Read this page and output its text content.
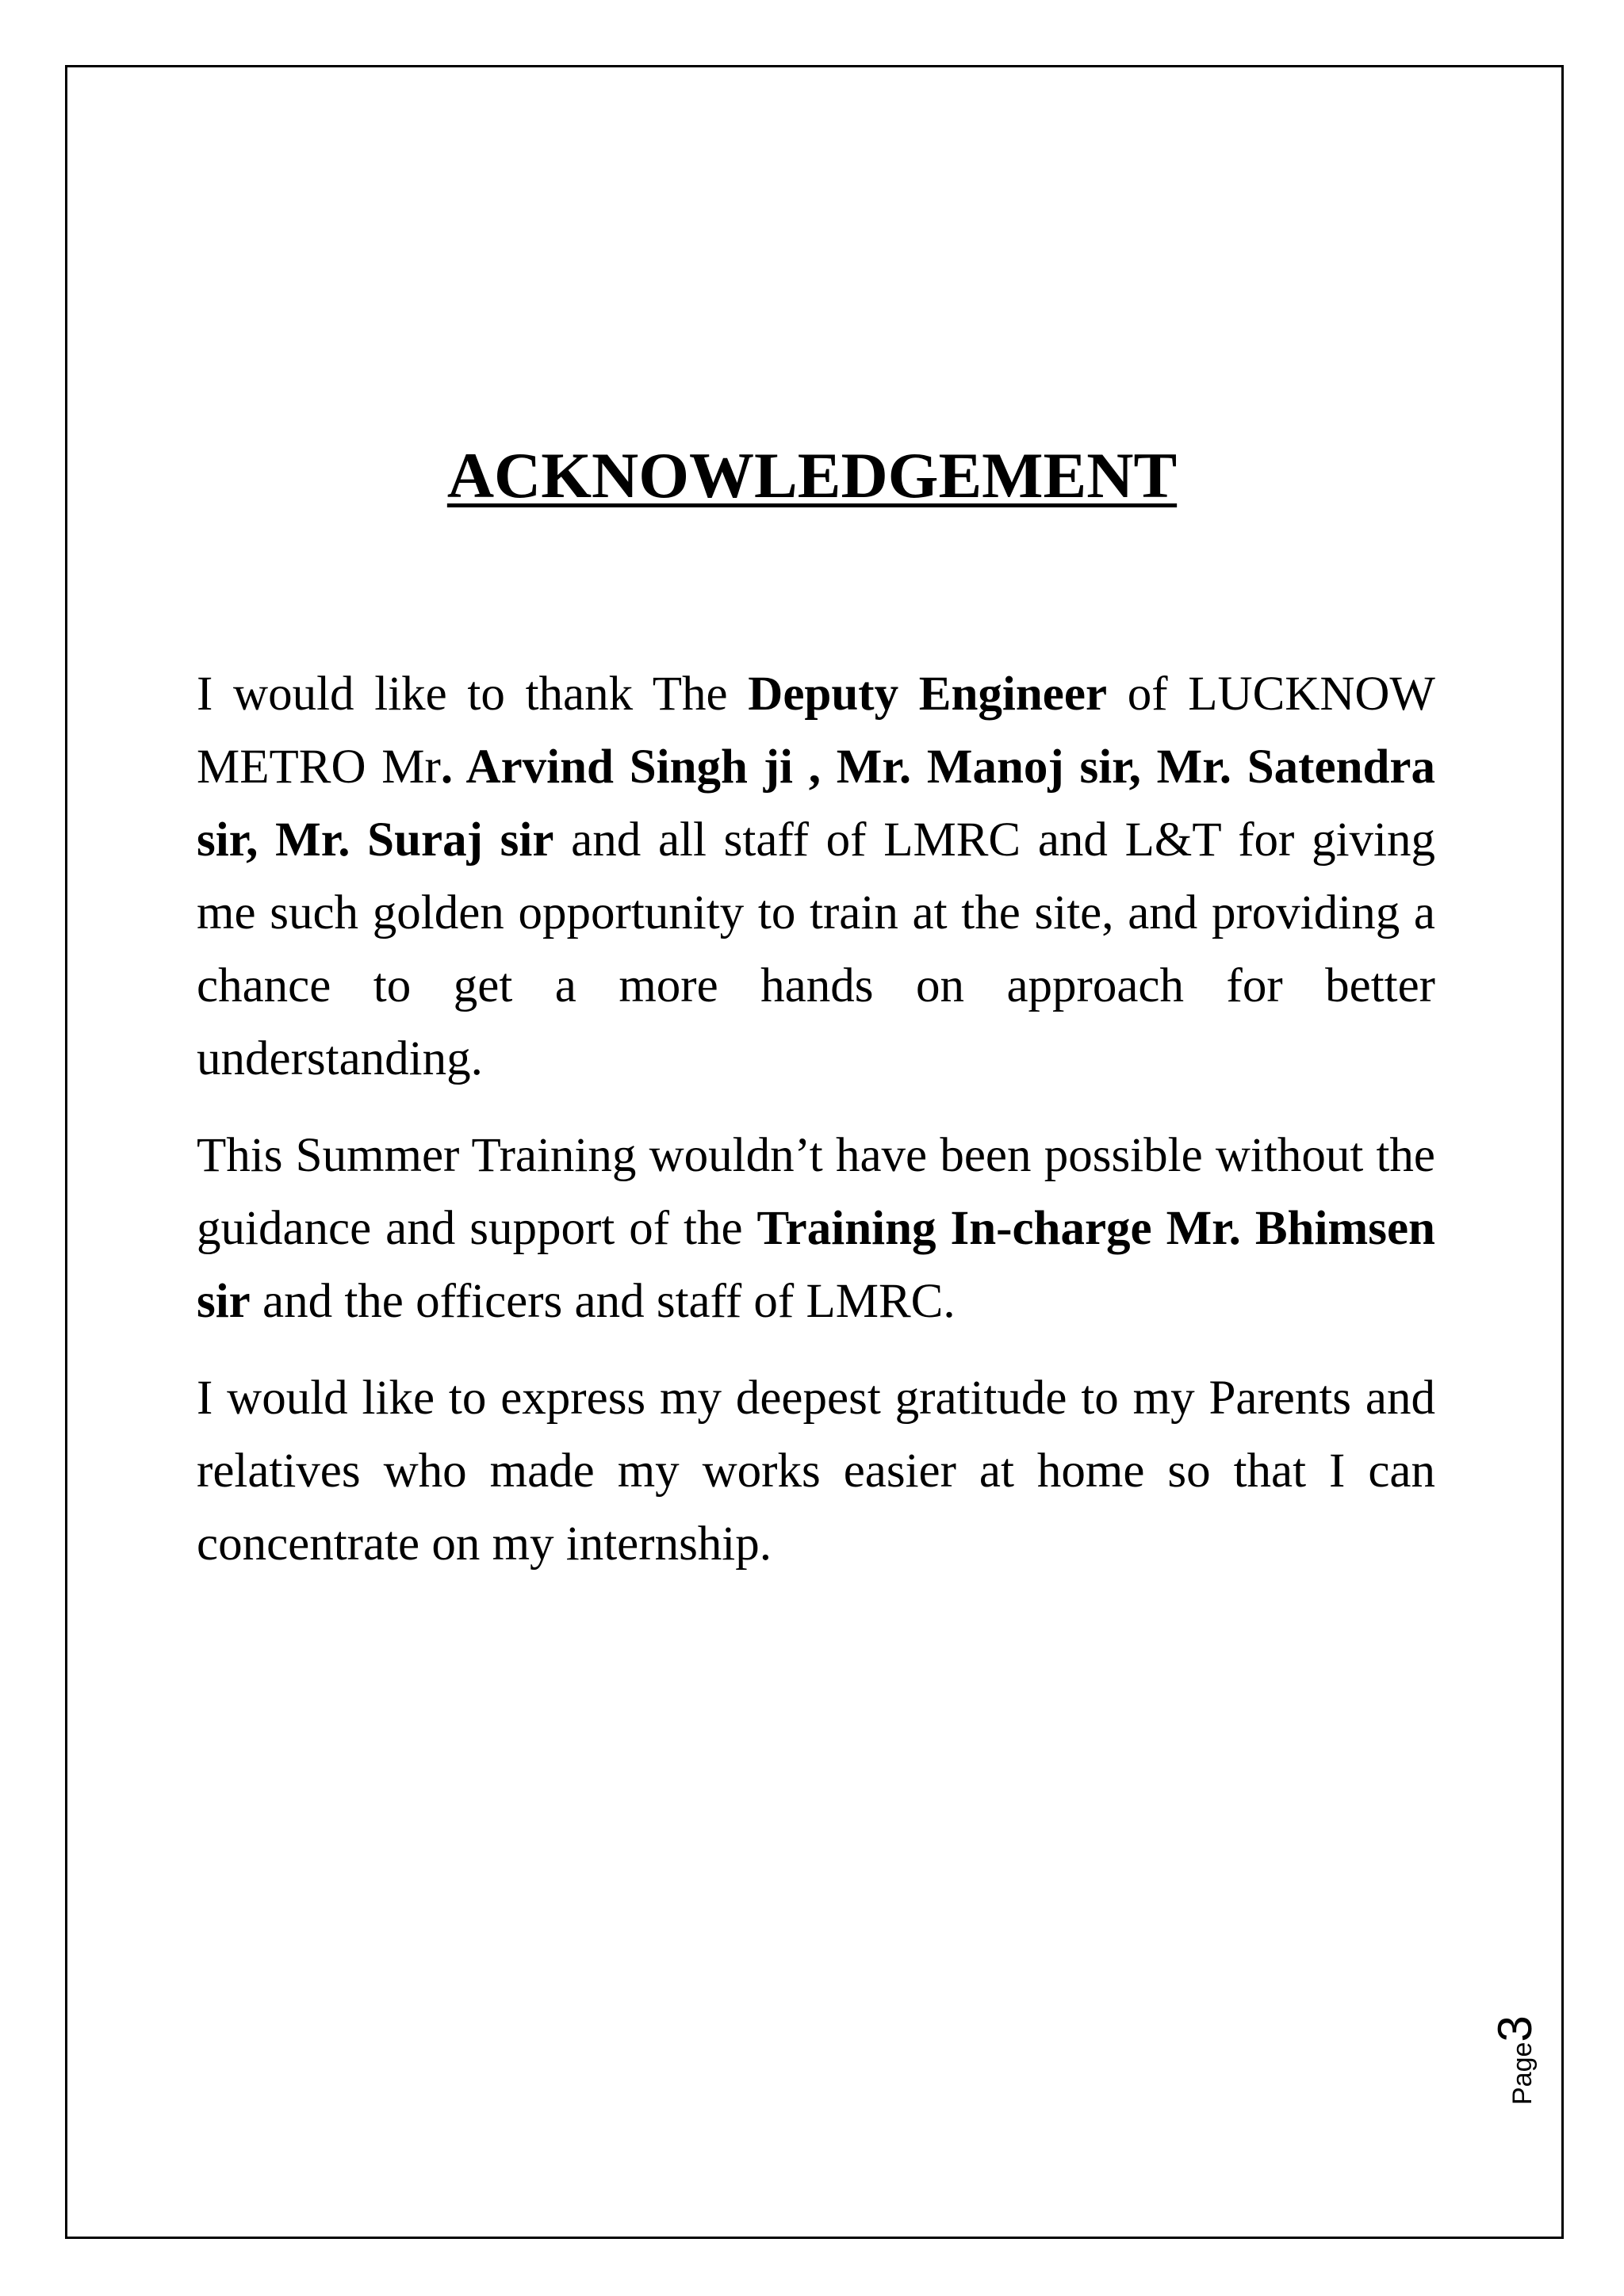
ACKNOWLEDGEMENT

I would like to thank The Deputy Engineer of LUCKNOW METRO Mr. Arvind Singh ji , Mr. Manoj sir, Mr. Satendra sir, Mr. Suraj sir and all staff of LMRC and L&T for giving me such golden opportunity to train at the site, and providing a chance to get a more hands on approach for better understanding.

This Summer Training wouldn’t have been possible without the guidance and support of the Training In-charge Mr. Bhimsen sir and the officers and staff of LMRC.

I would like to express my deepest gratitude to my Parents and relatives who made my works easier at home so that I can concentrate on my internship.

Page3
